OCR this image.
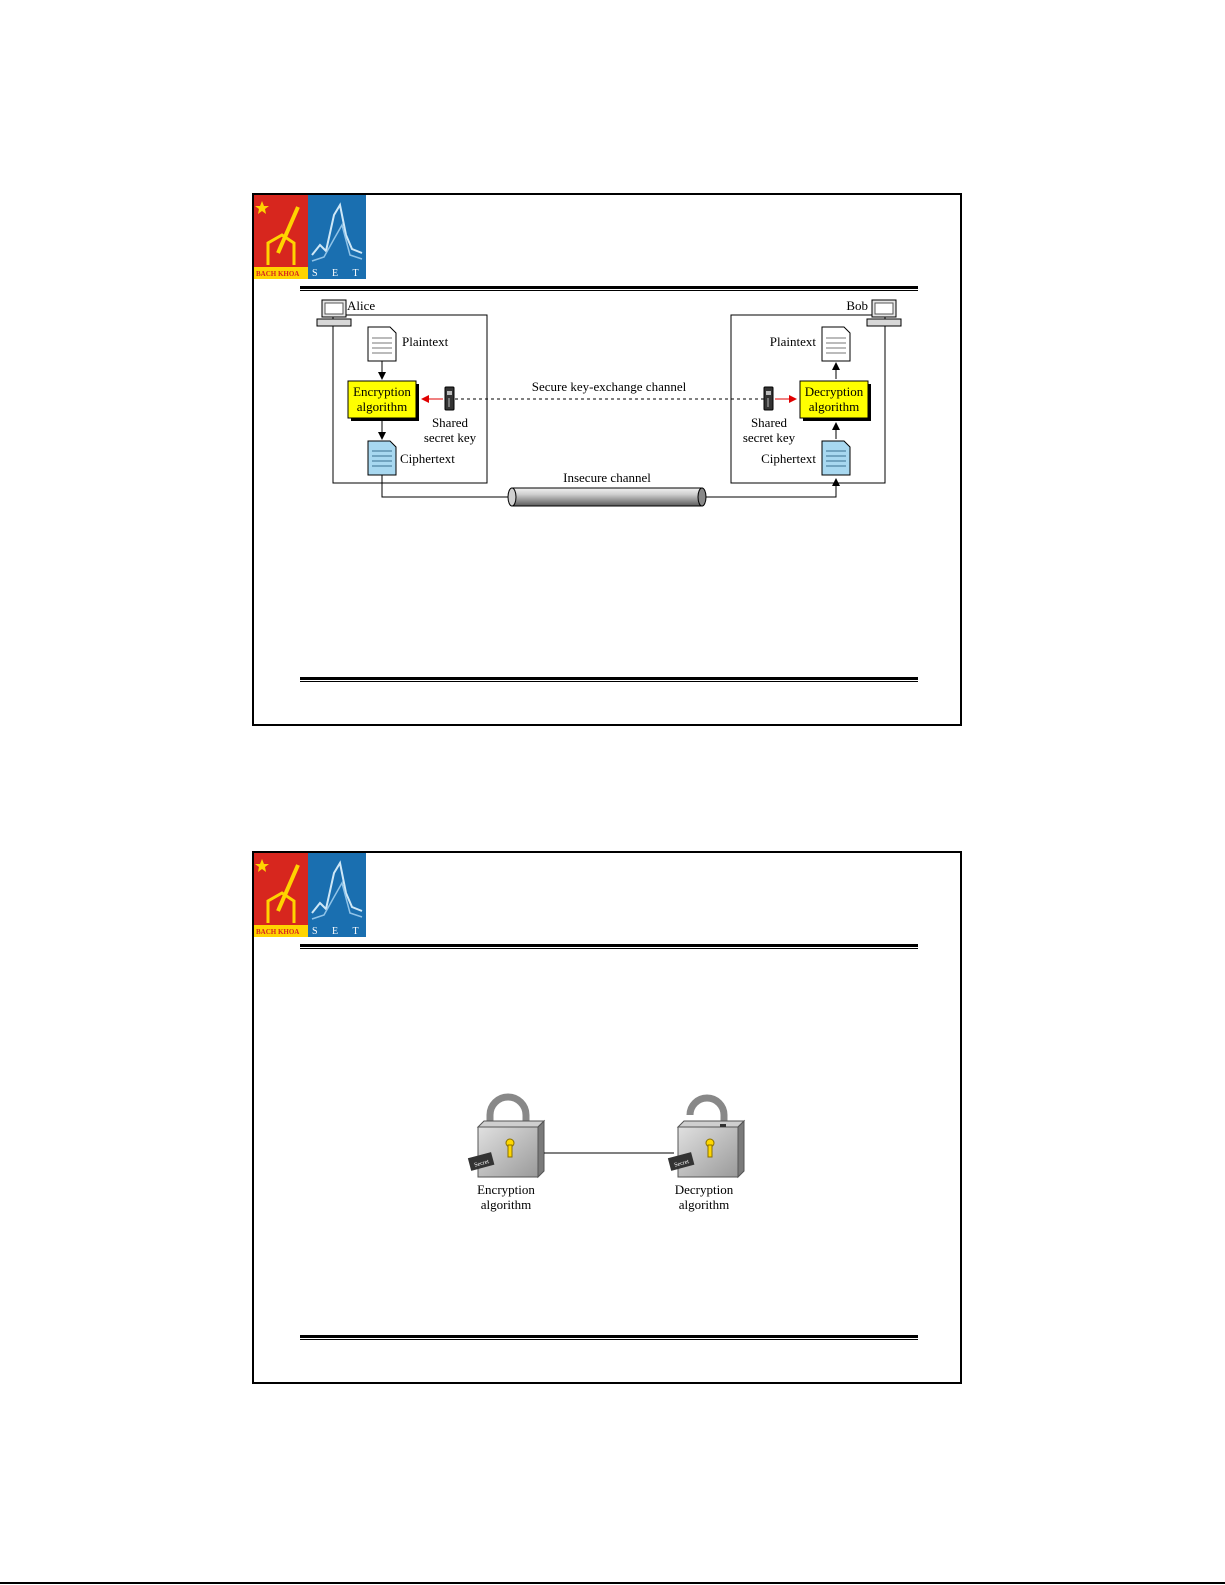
BACH KHOA S E T
Alice
Plaintext
Encryption
algorithm
Ciphertext
Shared
secret key
Bob
Plaintext
Decryption
algorithm
Ciphertext
Shared
secret key
Secure key-exchange channel
Insecure channel
BACH KHOA S E T
Secret	Secret
Encryption
algorithm
Decryption
algorithm
